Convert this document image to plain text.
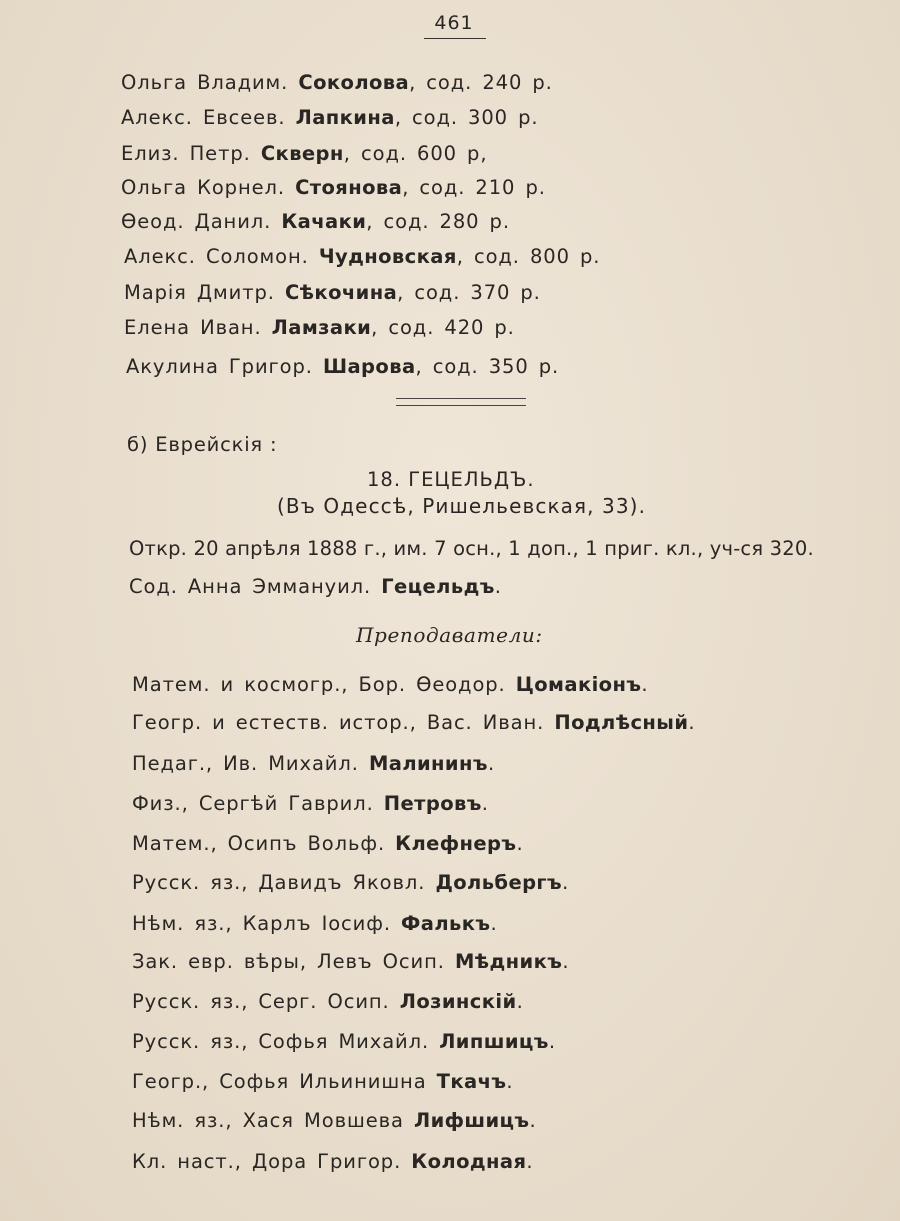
461
Ольга Владим. Соколова, сод. 240 р.
Алекс. Евсеев. Лапкина, сод. 300 р.
Елиз. Петр. Скверн, сод. 600 р,
Ольга Корнел. Стоянова, сод. 210 р.
Өеод. Данил. Качаки, сод. 280 р.
Алекс. Соломон. Чудновская, сод. 800 р.
Марія Дмитр. Сѣкочина, сод. 370 р.
Елена Иван. Ламзаки, сод. 420 р.
Акулина Григор. Шарова, сод. 350 р.
б) Еврейскія :
18. ГЕЦЕЛЬДЪ.
(Въ Одессѣ, Ришельевская, 33).
Откр. 20 апрѣля 1888 г., им. 7 осн., 1 доп., 1 приг. кл., уч-ся 320.
Сод. Анна Эммануил. Гецельдъ.
Преподаватели:
Матем. и космогр., Бор. Өеодор. Цомакіонъ.
Геогр. и естеств. истор., Вас. Иван. Подлѣсный.
Педаг., Ив. Михайл. Малининъ.
Физ., Сергѣй Гаврил. Петровъ.
Матем., Осипъ Вольф. Клефнеръ.
Русск. яз., Давидъ Яковл. Дольбергъ.
Нѣм. яз., Карлъ Іосиф. Фалькъ.
Зак. евр. вѣры, Левъ Осип. Мѣдникъ.
Русск. яз., Серг. Осип. Лозинскій.
Русск. яз., Софья Михайл. Липшицъ.
Геогр., Софья Ильинишна Ткачъ.
Нѣм. яз., Хася Мовшева Лифшицъ.
Кл. наст., Дора Григор. Колодная.
